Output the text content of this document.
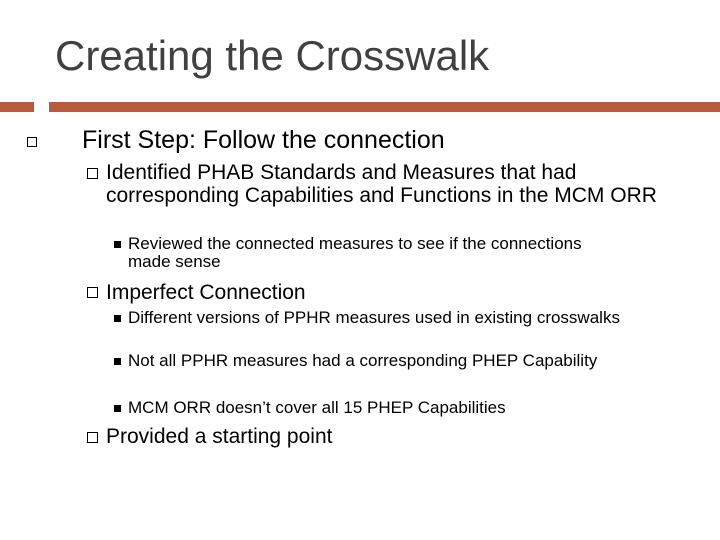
Creating the Crosswalk
First Step: Follow the connection
Identified PHAB Standards and Measures that had corresponding Capabilities and Functions in the MCM ORR
Reviewed the connected measures to see if the connections made sense
Imperfect Connection
Different versions of PPHR measures used in existing crosswalks
Not all PPHR measures had a corresponding PHEP Capability
MCM ORR doesn’t cover all 15 PHEP Capabilities
Provided a starting point
